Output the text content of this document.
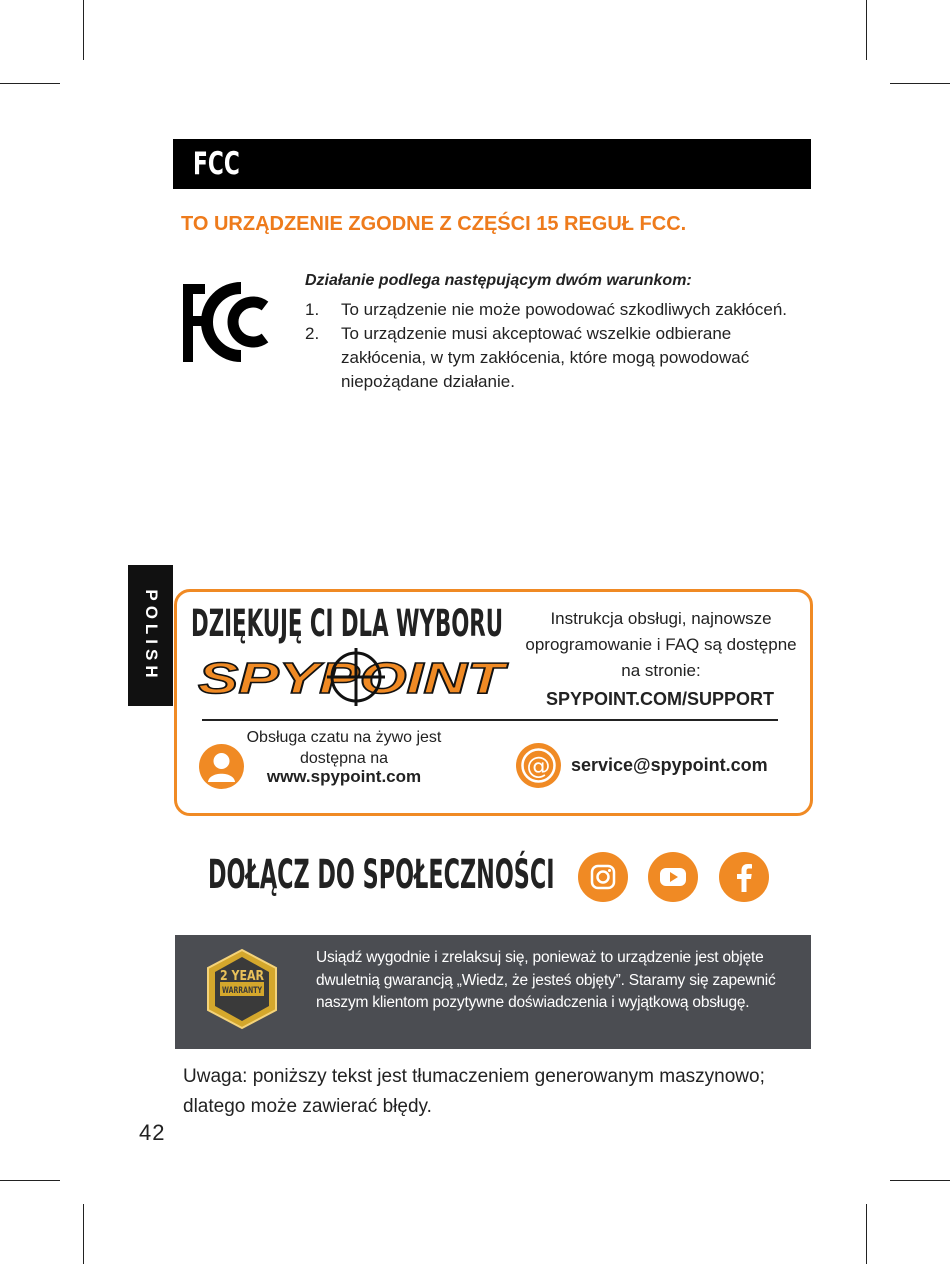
FCC
TO URZĄDZENIE ZGODNE Z CZĘŚCI 15 REGUŁ FCC.
Działanie podlega następującym dwóm warunkom:
1. To urządzenie nie może powodować szkodliwych zakłóceń.
2. To urządzenie musi akceptować wszelkie odbierane zakłócenia, w tym zakłócenia, które mogą powodować niepożądane działanie.
POLISH DZIĘKUJĘ CI DLA WYBORU
SPYPOINT
Instrukcja obsługi, najnowsze oprogramowanie i FAQ są dostępne na stronie:
SPYPOINT.COM/SUPPORT
Obsługa czatu na żywo jest dostępna na
www.spypoint.com	@ service@spypoint.com
DOŁĄCZ DO SPOŁECZNOŚCI
2 YEAR
WARRANTY
Usiądź wygodnie i zrelaksuj się, ponieważ to urządzenie jest objęte dwuletnią gwarancją „Wiedz, że jesteś objęty”. Staramy się zapewnić naszym klientom pozytywne doświadczenia i wyjątkową obsługę.
Uwaga: poniższy tekst jest tłumaczeniem generowanym maszynowo; dlatego może zawierać błędy.
42
